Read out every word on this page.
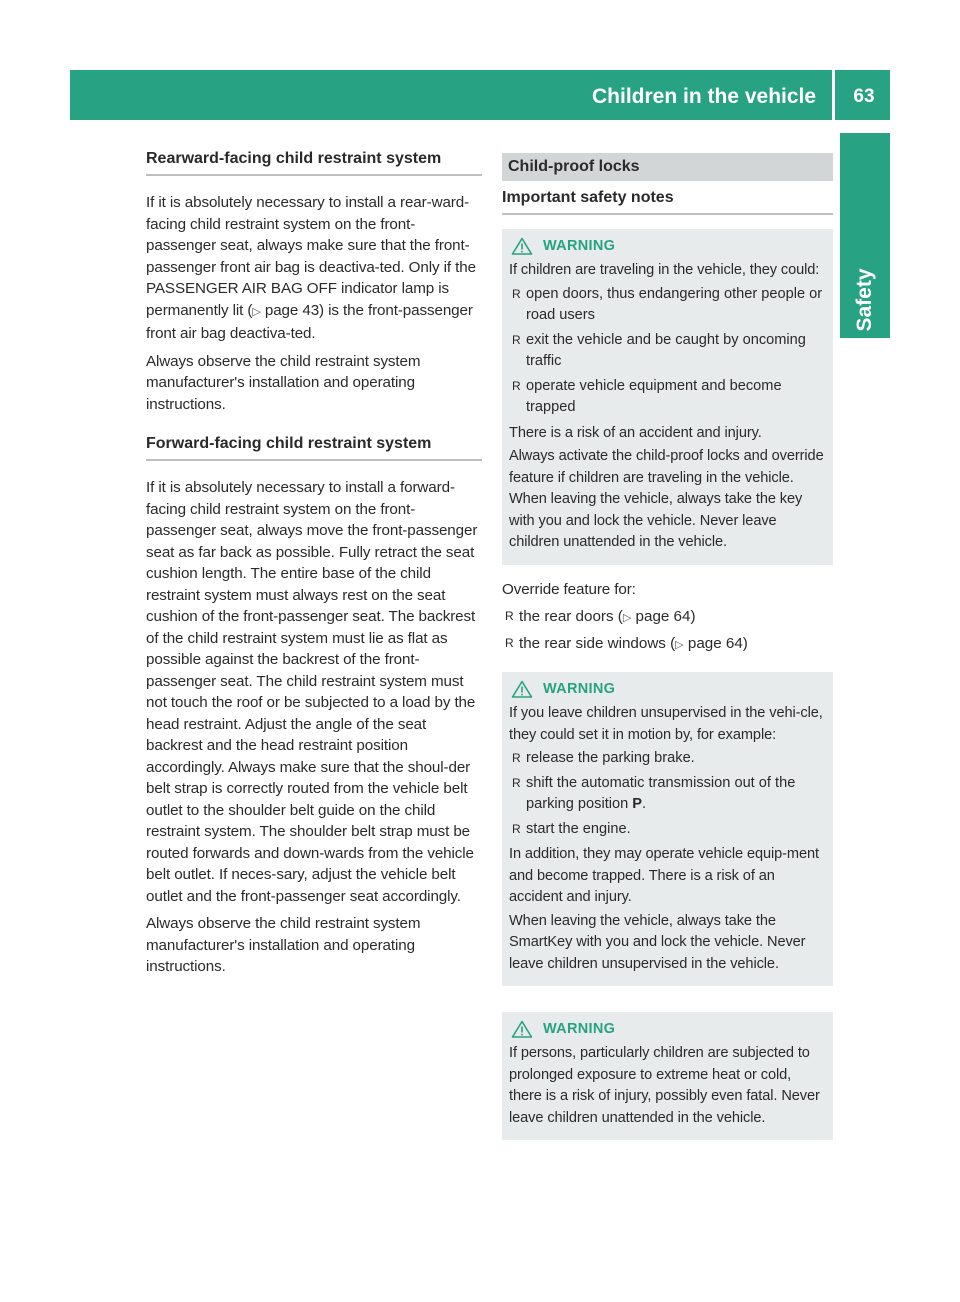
Children in the vehicle	63
Safety
Rearward-facing child restraint system

If it is absolutely necessary to install a rear-ward-facing child restraint system on the front-passenger seat, always make sure that the front-passenger front air bag is deactiva-ted. Only if the PASSENGER AIR BAG OFF indicator lamp is permanently lit (▷ page 43) is the front-passenger front air bag deactiva-ted.

Always observe the child restraint system manufacturer's installation and operating instructions.

Forward-facing child restraint system

If it is absolutely necessary to install a forward-facing child restraint system on the front-passenger seat, always move the front-passenger seat as far back as possible. Fully retract the seat cushion length. The entire base of the child restraint system must always rest on the seat cushion of the front-passenger seat. The backrest of the child restraint system must lie as flat as possible against the backrest of the front-passenger seat. The child restraint system must not touch the roof or be subjected to a load by the head restraint. Adjust the angle of the seat backrest and the head restraint position accordingly. Always make sure that the shoul-der belt strap is correctly routed from the vehicle belt outlet to the shoulder belt guide on the child restraint system. The shoulder belt strap must be routed forwards and down-wards from the vehicle belt outlet. If neces-sary, adjust the vehicle belt outlet and the front-passenger seat accordingly.

Always observe the child restraint system manufacturer's installation and operating instructions.

Child-proof locks
Important safety notes
WARNING

If children are traveling in the vehicle, they could:

R open doors, thus endangering other people or road users
R exit the vehicle and be caught by oncoming traffic
R operate vehicle equipment and become trapped

There is a risk of an accident and injury.

Always activate the child-proof locks and override feature if children are traveling in the vehicle. When leaving the vehicle, always take the key with you and lock the vehicle. Never leave children unattended in the vehicle.

Override feature for:

R the rear doors (▷ page 64)
R the rear side windows (▷ page 64)
WARNING

If you leave children unsupervised in the vehi-cle, they could set it in motion by, for example:

R release the parking brake.
R shift the automatic transmission out of the parking position P.
R start the engine.

In addition, they may operate vehicle equip-ment and become trapped. There is a risk of an accident and injury.

When leaving the vehicle, always take the SmartKey with you and lock the vehicle. Never leave children unsupervised in the vehicle.

WARNING

If persons, particularly children are subjected to prolonged exposure to extreme heat or cold, there is a risk of injury, possibly even fatal. Never leave children unattended in the vehicle.
